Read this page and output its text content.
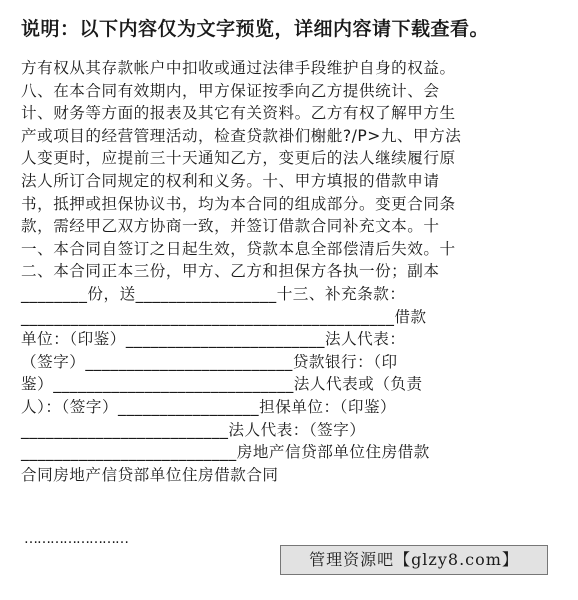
说明：以下内容仅为文字预览，详细内容请下载查看。
方有权从其存款帐户中扣收或通过法律手段维护自身的权益。
八、在本合同有效期内，甲方保证按季向乙方提供统计、会
计、财务等方面的报表及其它有关资料。乙方有权了解甲方生
产或项目的经营管理活动，检查贷款褂们榭舭?/P>九、甲方法
人变更时，应提前三十天通知乙方，变更后的法人继续履行原
法人所订合同规定的权利和义务。十、甲方填报的借款申请
书，抵押或担保协议书，均为本合同的组成部分。变更合同条
款，需经甲乙双方协商一致，并签订借款合同补充文本。十
一、本合同自签订之日起生效，贷款本息全部偿清后失效。十
二、本合同正本三份，甲方、乙方和担保方各执一份；副本
________份，送_________________十三、补充条款：
_____________________________________________借款
单位：（印鉴）________________________法人代表：
（签字）_________________________贷款银行：（印
鉴）_____________________________法人代表或（负责
人）：（签字）_________________担保单位：（印鉴）
_________________________法人代表：（签字）
__________________________房地产信贷部单位住房借款
合同房地产信贷部单位住房借款合同
……………………
管理资源吧【glzy8.com】
